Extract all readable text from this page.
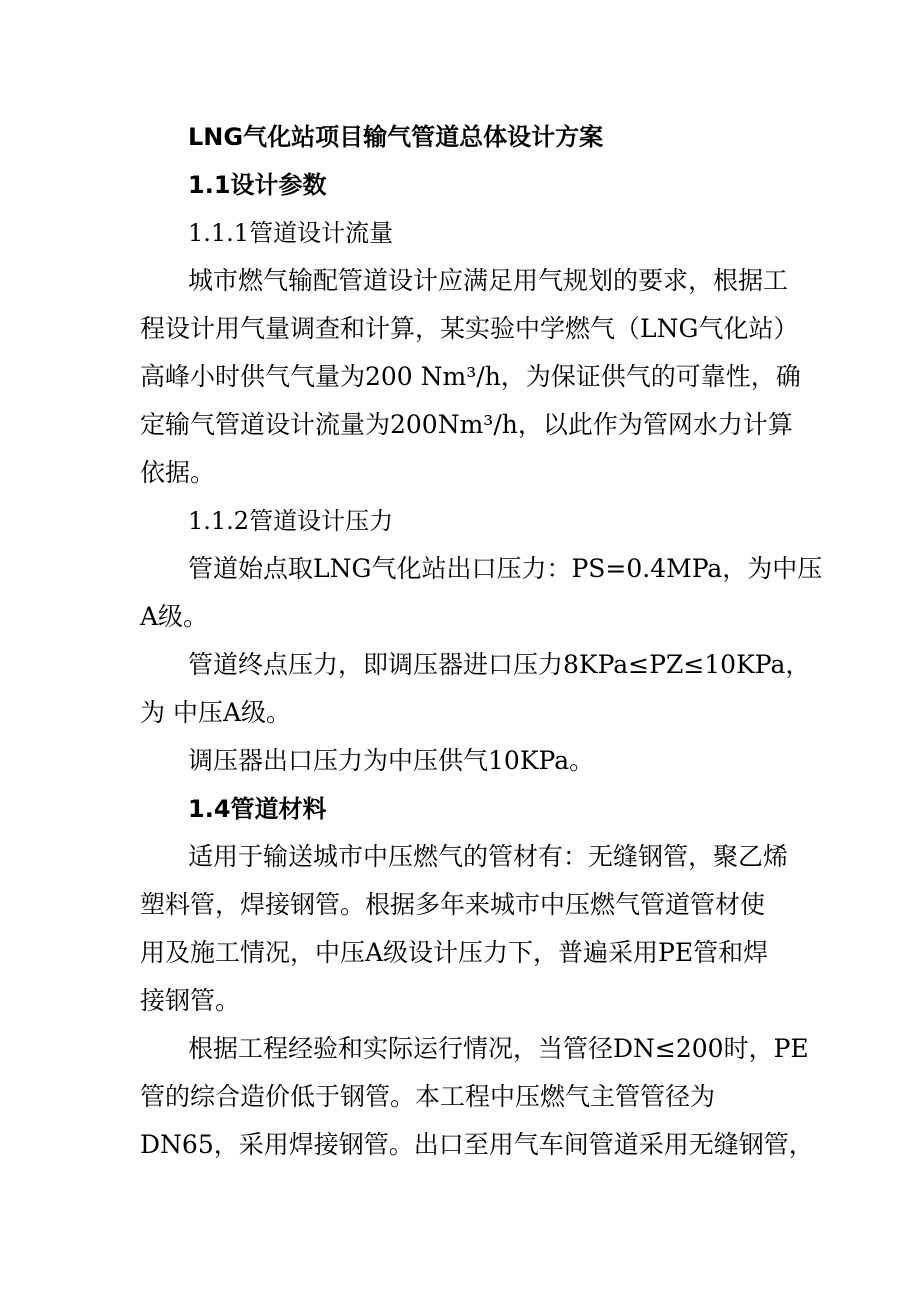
LNG气化站项目输气管道总体设计方案
1.1设计参数
1.1.1管道设计流量
城市燃气输配管道设计应满足用气规划的要求，根据工
程设计用气量调查和计算，某实验中学燃气（LNG气化站）
高峰小时供气气量为200 Nm³/h，为保证供气的可靠性，确
定输气管道设计流量为200Nm³/h，以此作为管网水力计算
依据。
1.1.2管道设计压力
管道始点取LNG气化站出口压力：PS=0.4MPa，为中压
A级。
管道终点压力，即调压器进口压力8KPa≤PZ≤10KPa，
为 中压A级。
调压器出口压力为中压供气10KPa。
1.4管道材料
适用于输送城市中压燃气的管材有：无缝钢管，聚乙烯
塑料管，焊接钢管。根据多年来城市中压燃气管道管材使
用及施工情况，中压A级设计压力下，普遍采用PE管和焊
接钢管。
根据工程经验和实际运行情况，当管径DN≤200时，PE
管的综合造价低于钢管。本工程中压燃气主管管径为
DN65，采用焊接钢管。出口至用气车间管道采用无缝钢管，
